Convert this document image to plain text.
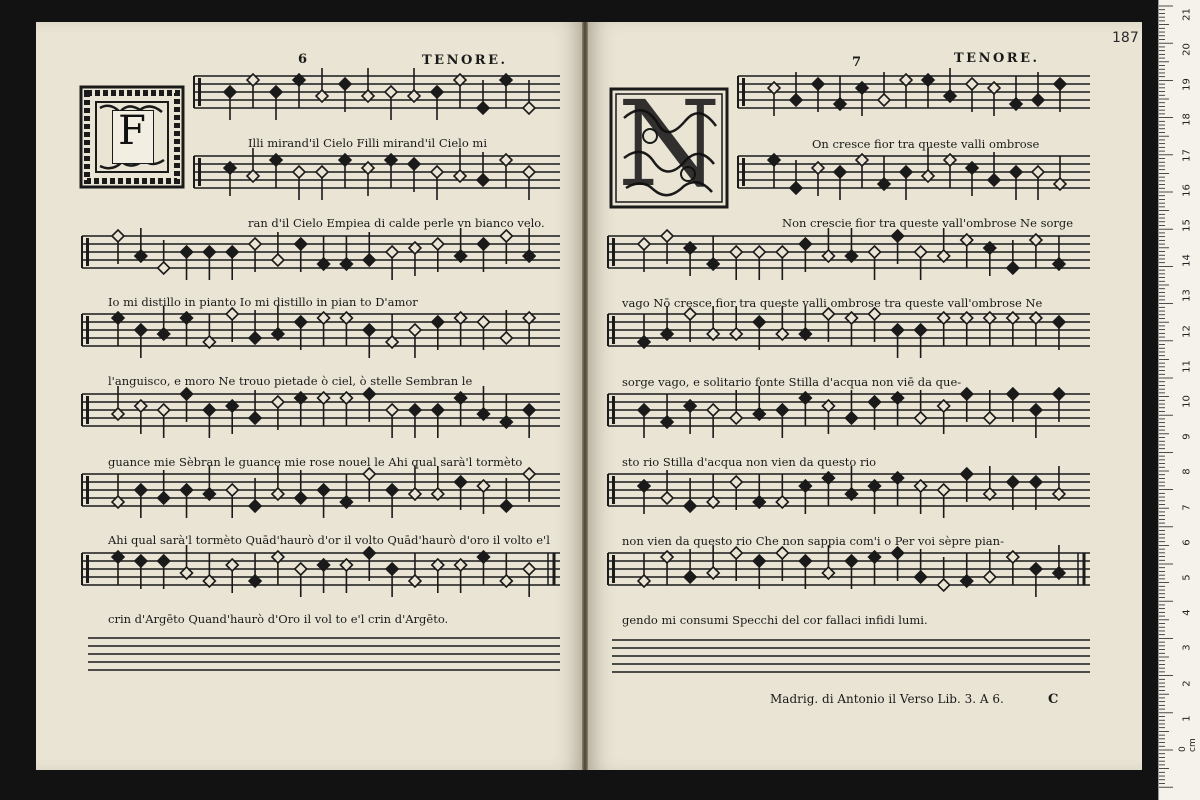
6	TENORE.	7	TENORE.
187
F	N
Illi mirand'il Cielo Filli mirand'il Cielo mi
ran d'il Cielo Empiea di calde perle vn bianco velo.
Io mi distillo in pianto Io mi distillo in pian to D'amor
l'anguisco, e moro Ne trouo pietade ò ciel, ò stelle Sembran le
guance mie Sèbran le guance mie rose nouel le Ahi qual sarà'l tormèto
Ahi qual sarà'l tormèto Quād'haurò d'or il volto Quād'haurò d'oro il volto e'l
crin d'Argēto Quand'haurò d'Oro il vol to e'l crin d'Argēto.
On cresce fior tra queste valli ombrose
Non crescie fior tra queste vall'ombrose Ne sorge
vago Nō cresce fior tra queste valli ombrose tra queste vall'ombrose Ne
sorge vago, e solitario fonte Stilla d'acqua non viē da que-
sto rio Stilla d'acqua non vien da questo rio
non vien da questo rio Che non sappia com'i o Per voi sèpre pian-
gendo mi consumi Specchi del cor fallaci infidi lumi.
Madrig. di Antonio il Verso Lib. 3. A 6.	C
1
2
3
4
5
6
7
8
9
10
11
12
13
14
15
16
17
18
19
20
21
0 cm
